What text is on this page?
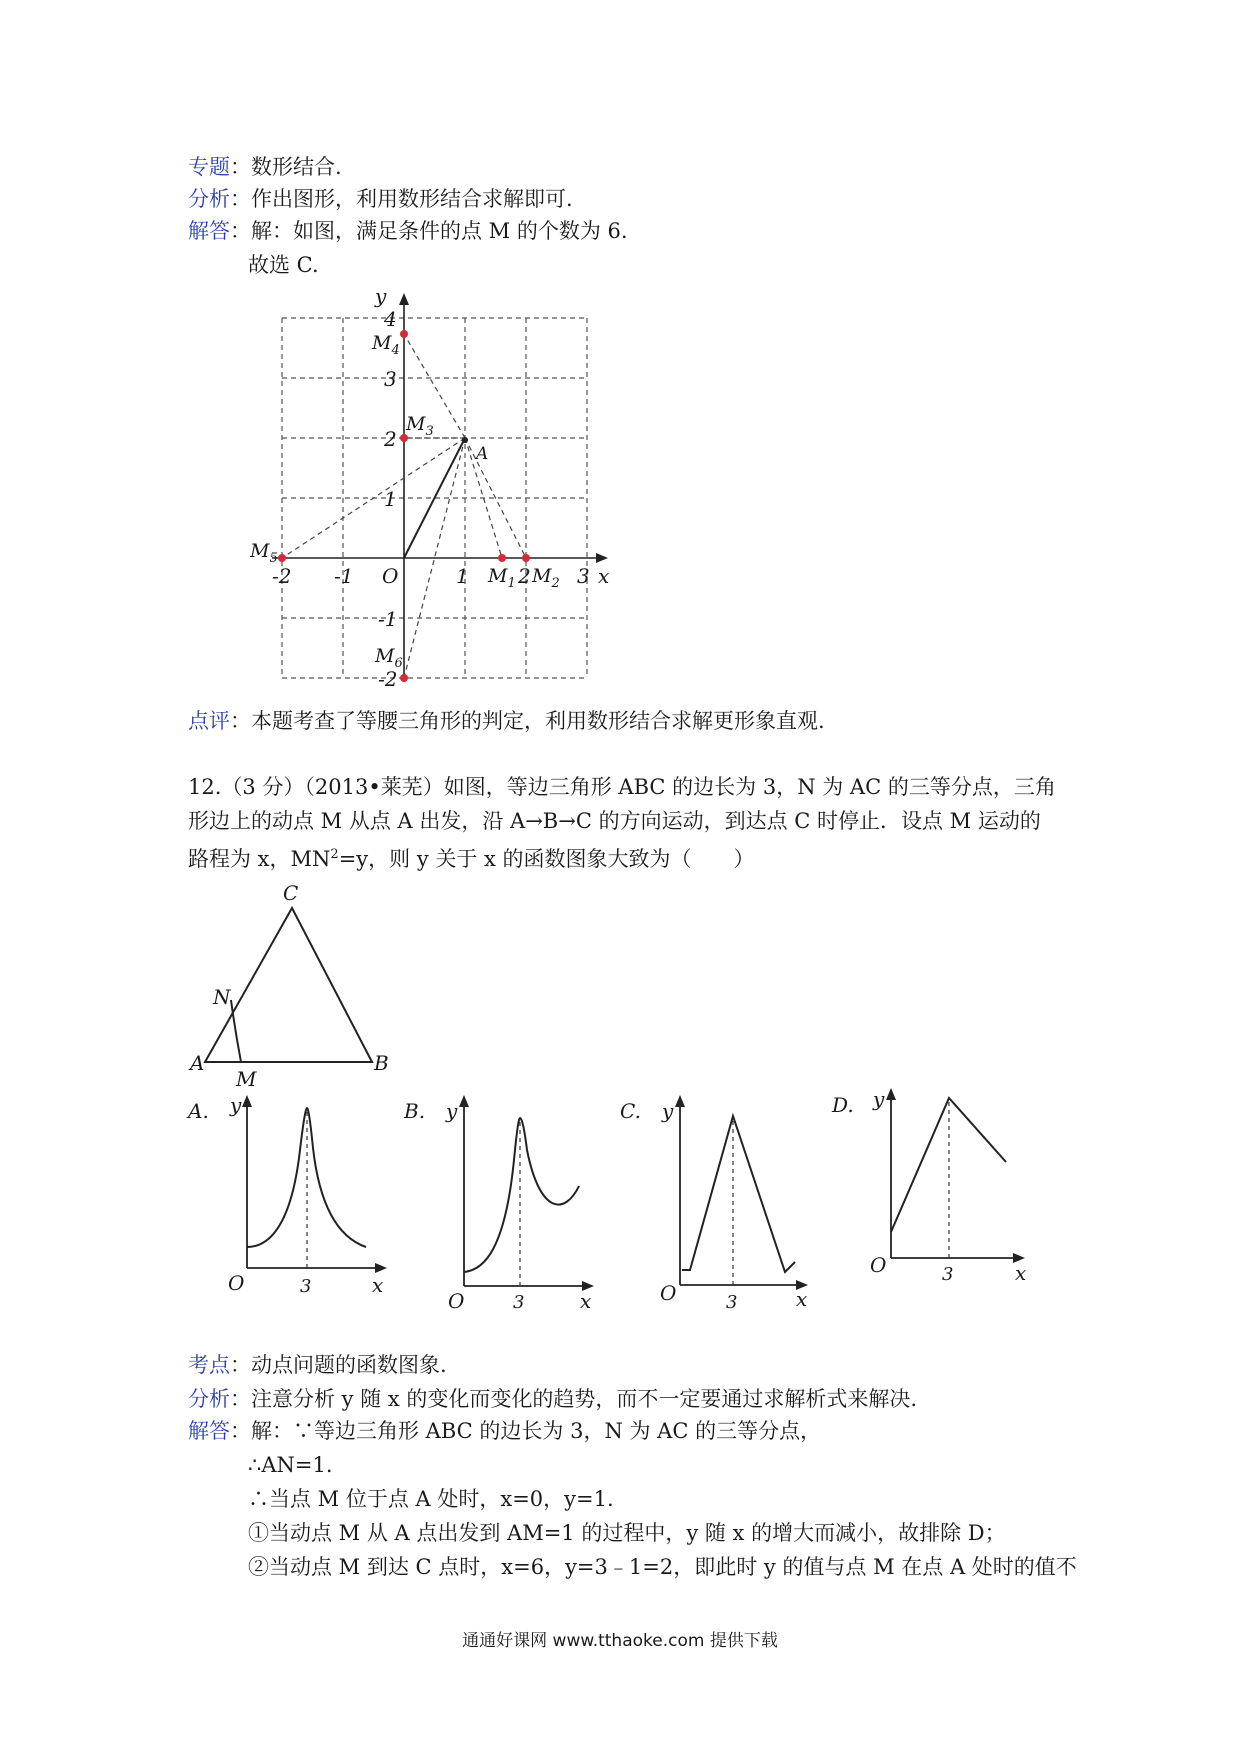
专题：数形结合.
分析：作出图形，利用数形结合求解即可.
解答：解：如图，满足条件的点 M 的个数为 6.
故选 C.
y
x
-2 -1 O	1 2 3
4
3
2
1
-1
-2
A
$M_4$
$M_3$
$M_5$
$M_6$
$M_1$ $M_2$
点评：本题考查了等腰三角形的判定，利用数形结合求解更形象直观.
12.（3 分）（2013•莱芜）如图，等边三角形 ABC 的边长为 3，N 为 AC 的三等分点，三角
形边上的动点 M 从点 A 出发，沿 A→B→C 的方向运动，到达点 C 时停止．设点 M 运动的
路程为 x，$MN^2=y$，则 y 关于 x 的函数图象大致为（　　）
A	B
C
N
M
A. y
x
O	3
B. y
x
O	3
C. y
x
O	3
D. y
x
O	3
考点：动点问题的函数图象.
分析：注意分析 y 随 x 的变化而变化的趋势，而不一定要通过求解析式来解决.
解答：解：∵等边三角形 ABC 的边长为 3，N 为 AC 的三等分点，
∴AN=1.
∴当点 M 位于点 A 处时，x=0，y=1.
①当动点 M 从 A 点出发到 AM=1 的过程中，y 随 x 的增大而减小，故排除 D；
②当动点 M 到达 C 点时，x=6，y=3﹣1=2，即此时 y 的值与点 M 在点 A 处时的值不
通通好课网 www.tthaoke.com 提供下载
